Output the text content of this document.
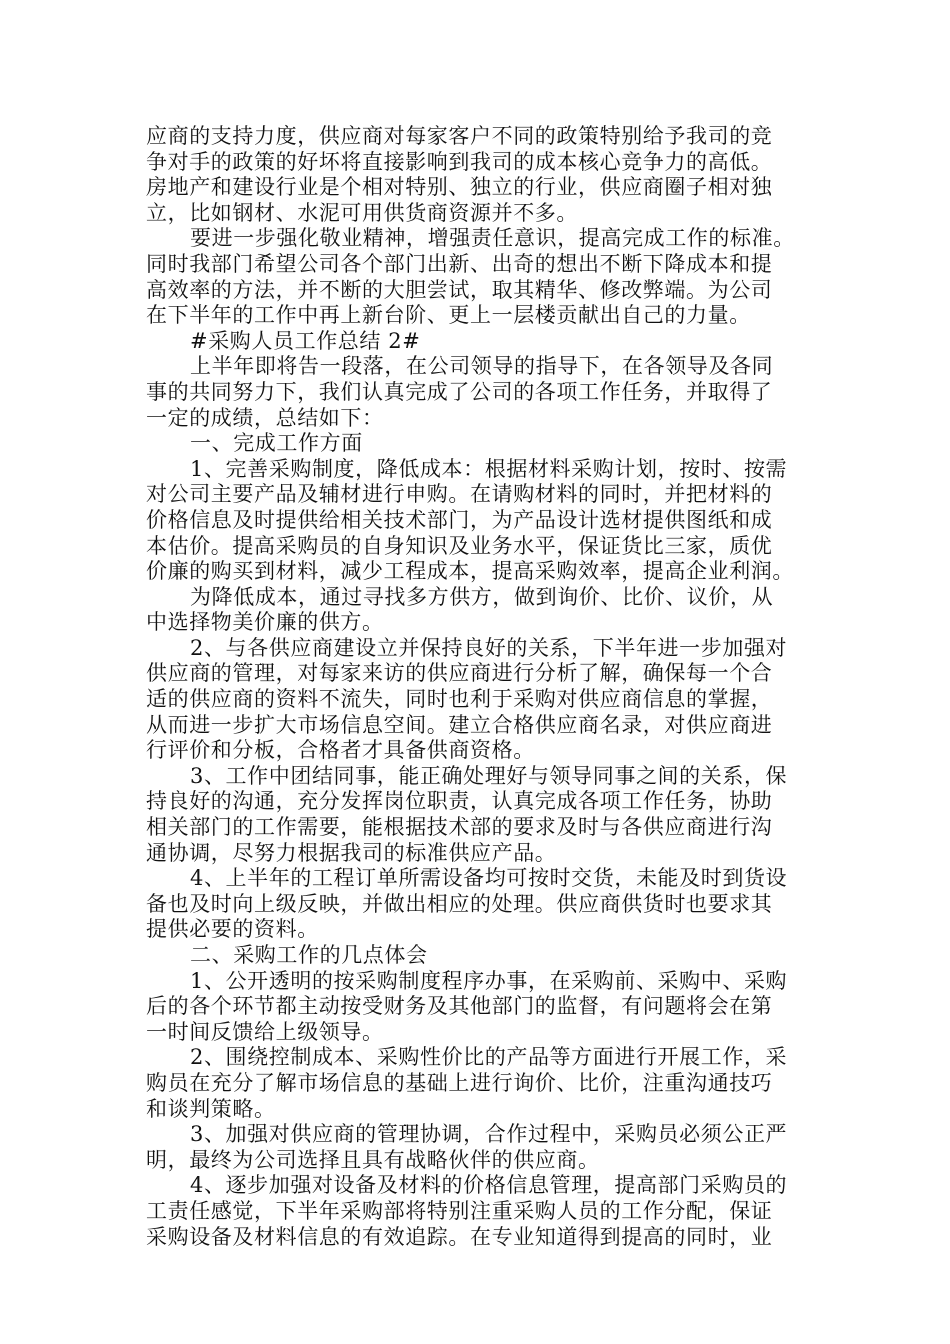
应商的支持力度，供应商对每家客户不同的政策特别给予我司的竞
争对手的政策的好坏将直接影响到我司的成本核心竞争力的高低。
房地产和建设行业是个相对特别、独立的行业，供应商圈子相对独
立，比如钢材、水泥可用供货商资源并不多。
要进一步强化敬业精神，增强责任意识，提高完成工作的标准。
同时我部门希望公司各个部门出新、出奇的想出不断下降成本和提
高效率的方法，并不断的大胆尝试，取其精华、修改弊端。为公司
在下半年的工作中再上新台阶、更上一层楼贡献出自己的力量。
#采购人员工作总结 2#
上半年即将告一段落，在公司领导的指导下，在各领导及各同
事的共同努力下，我们认真完成了公司的各项工作任务，并取得了
一定的成绩，总结如下：
一、完成工作方面
1、完善采购制度，降低成本：根据材料采购计划，按时、按需
对公司主要产品及辅材进行申购。在请购材料的同时，并把材料的
价格信息及时提供给相关技术部门，为产品设计选材提供图纸和成
本估价。提高采购员的自身知识及业务水平，保证货比三家，质优
价廉的购买到材料，减少工程成本，提高采购效率，提高企业利润。
为降低成本，通过寻找多方供方，做到询价、比价、议价，从
中选择物美价廉的供方。
2、与各供应商建设立并保持良好的关系，下半年进一步加强对
供应商的管理，对每家来访的供应商进行分析了解，确保每一个合
适的供应商的资料不流失，同时也利于采购对供应商信息的掌握，
从而进一步扩大市场信息空间。建立合格供应商名录，对供应商进
行评价和分板，合格者才具备供商资格。
3、工作中团结同事，能正确处理好与领导同事之间的关系，保
持良好的沟通，充分发挥岗位职责，认真完成各项工作任务，协助
相关部门的工作需要，能根据技术部的要求及时与各供应商进行沟
通协调，尽努力根据我司的标准供应产品。
4、上半年的工程订单所需设备均可按时交货，未能及时到货设
备也及时向上级反映，并做出相应的处理。供应商供货时也要求其
提供必要的资料。
二、采购工作的几点体会
1、公开透明的按采购制度程序办事，在采购前、采购中、采购
后的各个环节都主动按受财务及其他部门的监督，有问题将会在第
一时间反馈给上级领导。
2、围绕控制成本、采购性价比的产品等方面进行开展工作，采
购员在充分了解市场信息的基础上进行询价、比价，注重沟通技巧
和谈判策略。
3、加强对供应商的管理协调，合作过程中，采购员必须公正严
明，最终为公司选择且具有战略伙伴的供应商。
4、逐步加强对设备及材料的价格信息管理，提高部门采购员的
工责任感觉，下半年采购部将特别注重采购人员的工作分配，保证
采购设备及材料信息的有效追踪。在专业知道得到提高的同时，业
